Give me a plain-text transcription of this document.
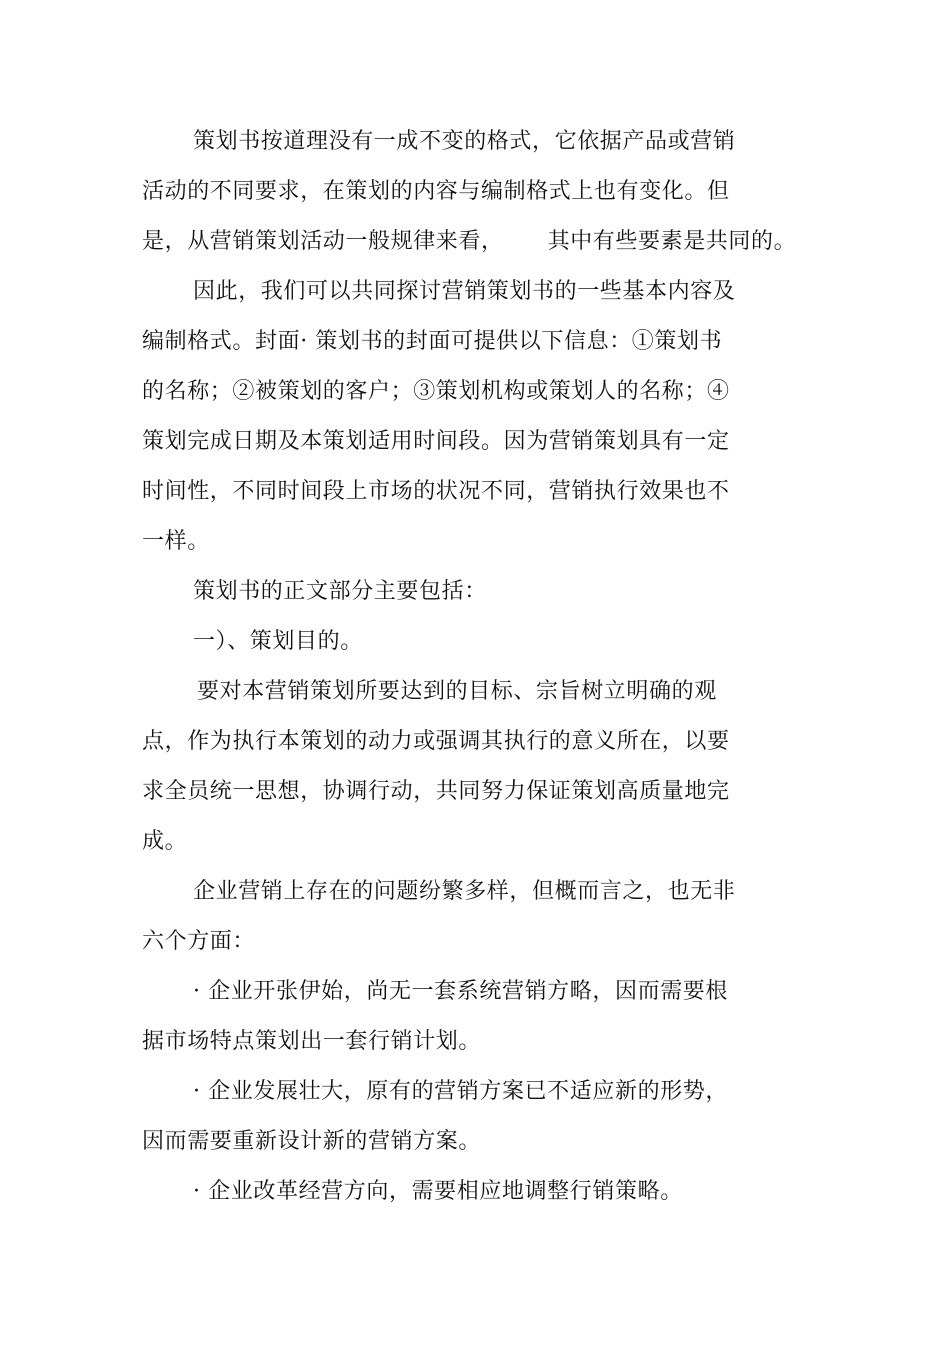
策划书按道理没有一成不变的格式，它依据产品或营销
活动的不同要求，在策划的内容与编制格式上也有变化。但
是，从营销策划活动一般规律来看， 其中有些要素是共同的。
因此，我们可以共同探讨营销策划书的一些基本内容及
编制格式。封面· 策划书的封面可提供以下信息：①策划书
的名称；②被策划的客户；③策划机构或策划人的名称；④
策划完成日期及本策划适用时间段。因为营销策划具有一定
时间性，不同时间段上市场的状况不同，营销执行效果也不
一样。
策划书的正文部分主要包括：
一）、策划目的。
要对本营销策划所要达到的目标、宗旨树立明确的观
点，作为执行本策划的动力或强调其执行的意义所在，以要
求全员统一思想，协调行动，共同努力保证策划高质量地完
成。
企业营销上存在的问题纷繁多样，但概而言之，也无非
六个方面：
· 企业开张伊始，尚无一套系统营销方略，因而需要根
据市场特点策划出一套行销计划。
· 企业发展壮大，原有的营销方案已不适应新的形势，
因而需要重新设计新的营销方案。
· 企业改革经营方向，需要相应地调整行销策略。
